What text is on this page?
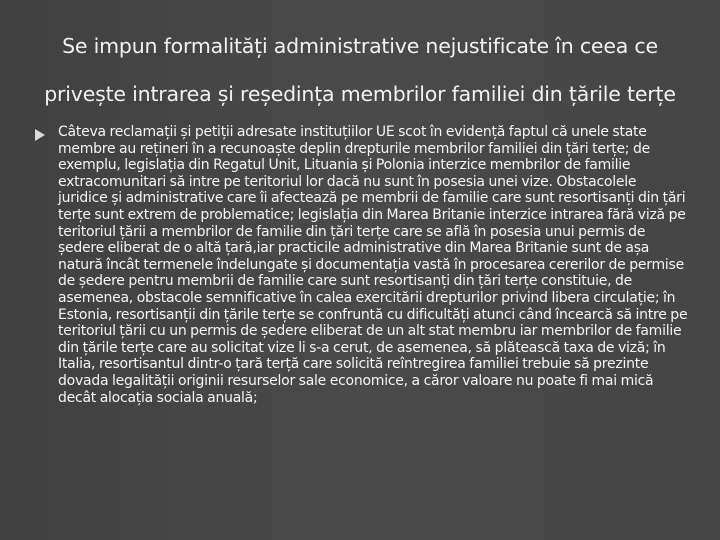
Se impun formalități administrative nejustificate în ceea ce privește intrarea și reședința membrilor familiei din țările terțe

Câteva reclamații și petiții adresate instituțiilor UE scot în evidență faptul că unele state membre au rețineri în a recunoaște deplin drepturile membrilor familiei din țări terțe; de exemplu, legislația din Regatul Unit, Lituania și Polonia interzice membrilor de familie extracomunitari să intre pe teritoriul lor dacă nu sunt în posesia unei vize. Obstacolele juridice și administrative care îi afectează pe membrii de familie care sunt resortisanți din țări terțe sunt extrem de problematice; legislația din Marea Britanie interzice intrarea fără viză pe teritoriul țării a membrilor de familie din țări terțe care se află în posesia unui permis de ședere eliberat de o altă țară,iar practicile administrative din Marea Britanie sunt de așa natură încât termenele îndelungate și documentația vastă în procesarea cererilor de permise de ședere pentru membrii de familie care sunt resortisanți din țări terțe constituie, de asemenea, obstacole semnificative în calea exercitării drepturilor privind libera circulație; în Estonia, resortisanții din țările terțe se confruntă cu dificultăți atunci când încearcă să intre pe teritoriul țării cu un permis de ședere eliberat de un alt stat membru iar membrilor de familie din țările terțe care au solicitat vize li s-a cerut, de asemenea, să plătească taxa de viză; în Italia, resortisantul dintr-o țară terță care solicită reîntregirea familiei trebuie să prezinte dovada legalității originii resurselor sale economice, a căror valoare nu poate fi mai mică decât alocația sociala anuală;
